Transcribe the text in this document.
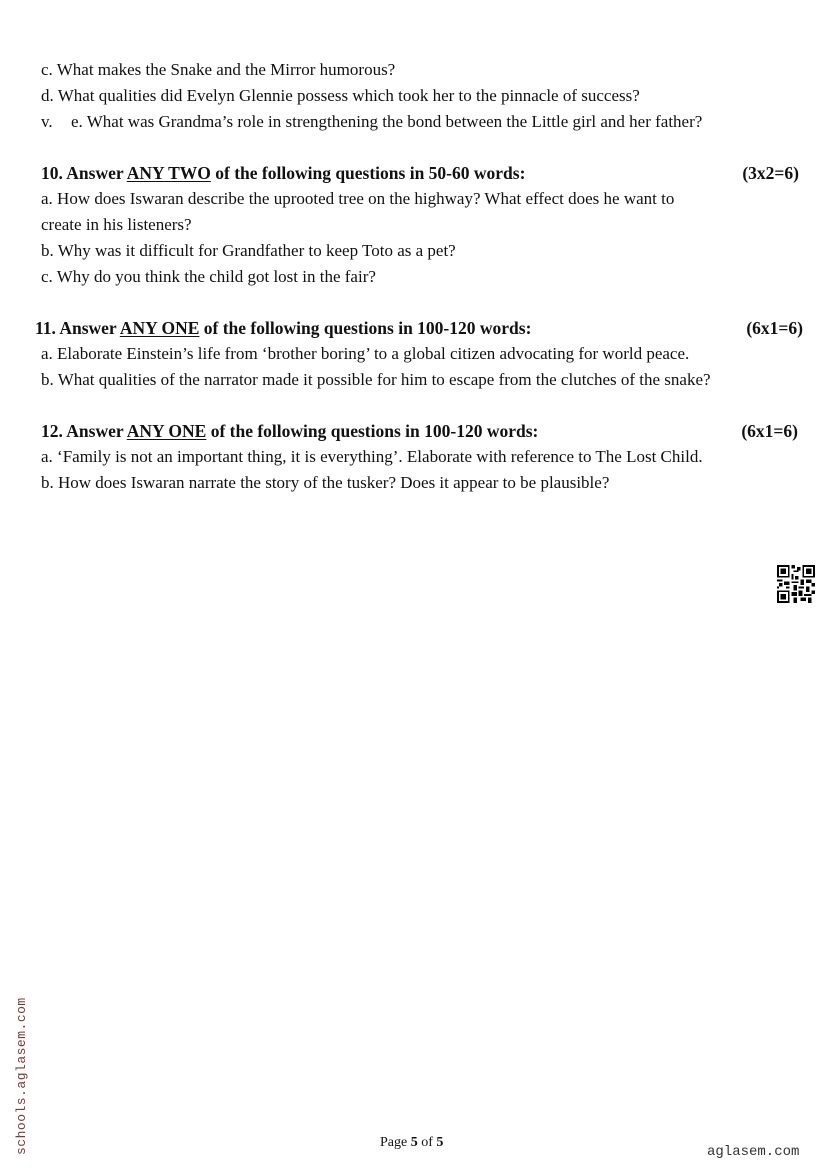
c. What makes the Snake and the Mirror humorous?
d. What qualities did Evelyn Glennie possess which took her to the pinnacle of success?
v. e. What was Grandma’s role in strengthening the bond between the Little girl and her father?
10. Answer ANY TWO of the following questions in 50-60 words:	(3x2=6)
a. How does Iswaran describe the uprooted tree on the highway? What effect does he want to
create in his listeners?
b. Why was it difficult for Grandfather to keep Toto as a pet?
c. Why do you think the child got lost in the fair?
11. Answer ANY ONE of the following questions in 100-120 words:	(6x1=6)
a. Elaborate Einstein’s life from ‘brother boring’ to a global citizen advocating for world peace.
b. What qualities of the narrator made it possible for him to escape from the clutches of the snake?
12. Answer ANY ONE of the following questions in 100-120 words:	(6x1=6)
a. ‘Family is not an important thing, it is everything’. Elaborate with reference to The Lost Child.
b. How does Iswaran narrate the story of the tusker? Does it appear to be plausible?
schools.aglasem.com	Page 5 of 5
aglasem.com
